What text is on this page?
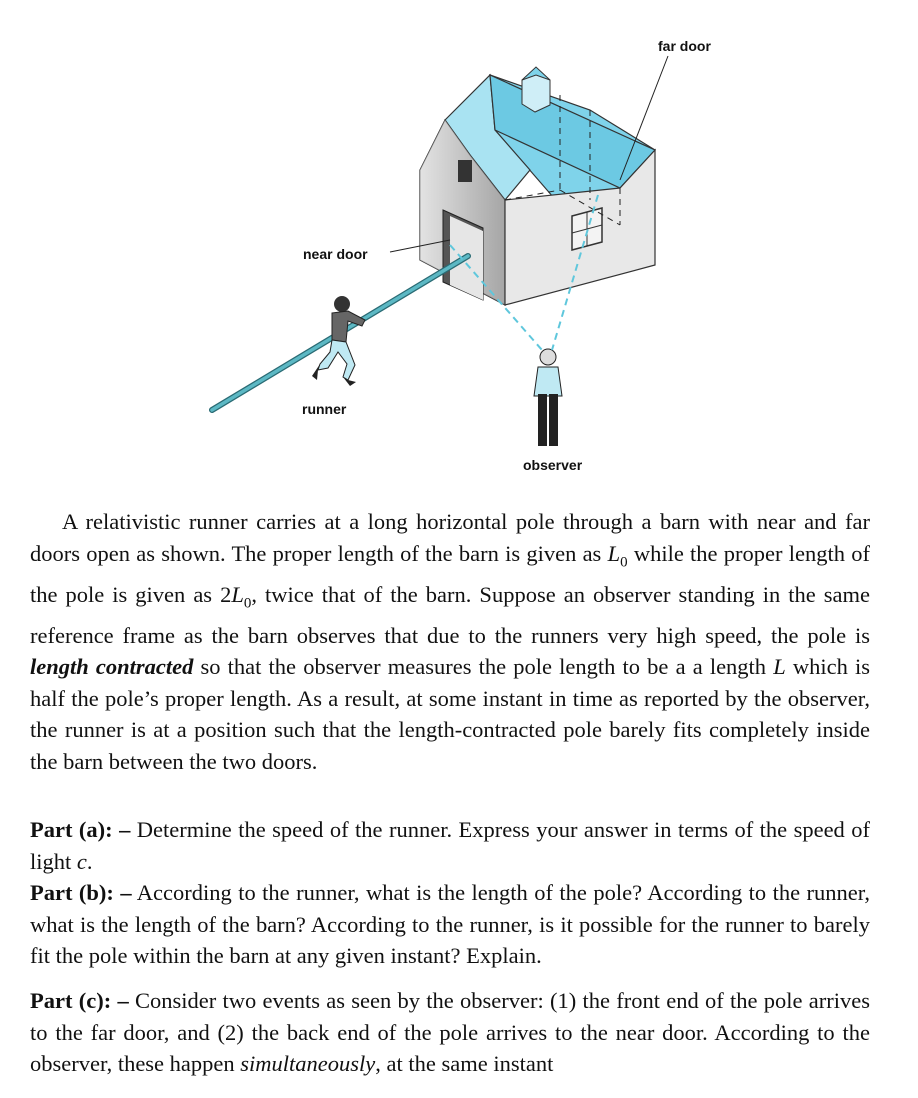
far door
near door
runner
observer
A relativistic runner carries at a long horizontal pole through a barn with near and far doors open as shown. The proper length of the barn is given as $L_0$ while the proper length of the pole is given as $2L_0$, twice that of the barn. Suppose an observer standing in the same reference frame as the barn observes that due to the runners very high speed, the pole is length contracted so that the observer measures the pole length to be a a length L which is half the pole’s proper length. As a result, at some instant in time as reported by the observer, the runner is at a position such that the length-contracted pole barely fits completely inside the barn between the two doors.

Part (a): – Determine the speed of the runner. Express your answer in terms of the speed of light c.

Part (b): – According to the runner, what is the length of the pole? According to the runner, what is the length of the barn? According to the runner, is it possible for the runner to barely fit the pole within the barn at any given instant? Explain.

Part (c): – Consider two events as seen by the observer: (1) the front end of the pole arrives to the far door, and (2) the back end of the pole arrives to the near door. According to the observer, these happen simultaneously, at the same instant
